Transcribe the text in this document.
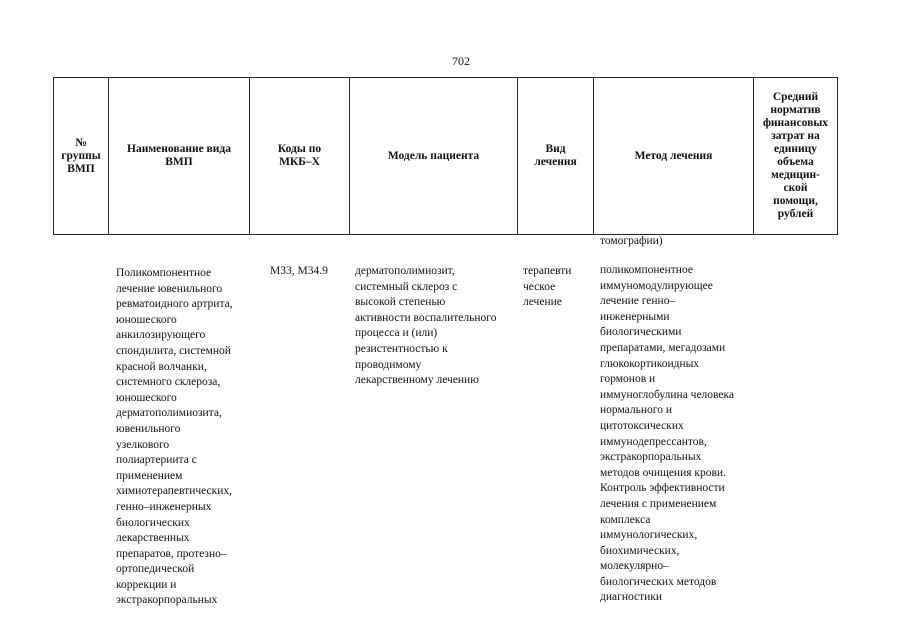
702
№
группы
ВМП
Наименование вида
ВМП
Коды по
МКБ–Х
Модель пациента
Вид
лечения
Метод лечения
Средний
норматив
финансовых
затрат на
единицу
объема
медицин-
ской
помощи,
рублей
томографии)
Поликомпонентное
лечение ювенильного
ревматоидного артрита,
юношеского
анкилозирующего
спондилита, системной
красной волчанки,
системного склероза,
юношеского
дерматополимиозита,
ювенильного
узелкового
полиартериита с
применением
химиотерапевтических,
генно–инженерных
биологических
лекарственных
препаратов, протезно–
ортопедической
коррекции и
экстракорпоральных
M33, M34.9 дерматополимиозит,
системный склероз с
высокой степенью
активности воспалительного
процесса и (или)
резистентностью к
проводимому
лекарственному лечению
терапевти
ческое
лечение
поликомпонентное
иммуномодулирующее
лечение генно–
инженерными
биологическими
препаратами, мегадозами
глюкокортикоидных
гормонов и
иммуноглобулина человека
нормального и
цитотоксических
иммунодепрессантов,
экстракорпоральных
методов очищения крови.
Контроль эффективности
лечения с применением
комплекса
иммунологических,
биохимических,
молекулярно–
биологических методов
диагностики
